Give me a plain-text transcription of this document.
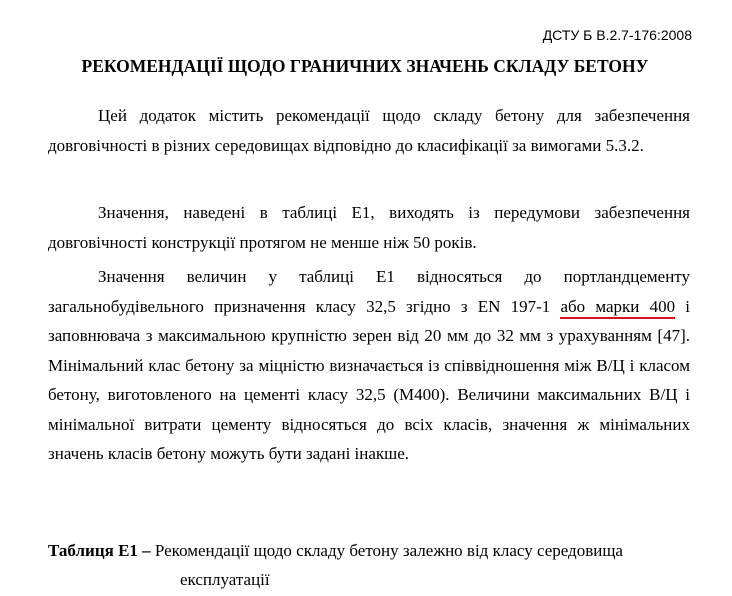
ДСТУ Б В.2.7-176:2008
РЕКОМЕНДАЦІЇ ЩОДО ГРАНИЧНИХ ЗНАЧЕНЬ СКЛАДУ БЕТОНУ

Цей додаток містить рекомендації щодо складу бетону для забезпечення довговічності в різних середовищах відповідно до класифікації за вимогами 5.3.2.

Значення, наведені в таблиці Е1, виходять із передумови забезпечення довговічності конструкції протягом не менше ніж 50 років.

Значення величин у таблиці Е1 відносяться до портландцементу загальнобудівельного призначення класу 32,5 згідно з EN 197-1 або марки 400 і заповнювача з максимальною крупністю зерен від 20 мм до 32 мм з урахуванням [47]. Мінімальний клас бетону за міцністю визначається із співвідношення між В/Ц і класом бетону, виготовленого на цементі класу 32,5 (М400). Величини максимальних В/Ц і мінімальної витрати цементу відносяться до всіх класів, значення ж мінімальних значень класів бетону можуть бути задані інакше.

Таблиця Е1 – Рекомендації щодо складу бетону залежно від класу середовища
експлуатації
